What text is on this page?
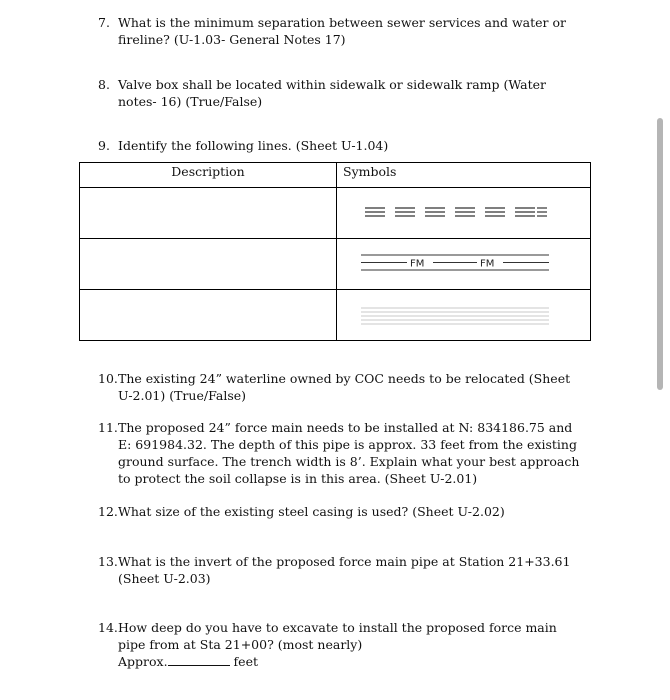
7. What is the minimum separation between sewer services and water or fireline? (U-1.03- General Notes 17)
8. Valve box shall be located within sidewalk or sidewalk ramp (Water notes- 16) (True/False)
9. Identify the following lines. (Sheet U-1.04)
Description	Symbols

FM FM

10. The existing 24” waterline owned by COC needs to be relocated (Sheet U-2.01) (True/False)
11. The proposed 24” force main needs to be installed at N: 834186.75 and E: 691984.32. The depth of this pipe is approx. 33 feet from the existing ground surface. The trench width is 8’. Explain what your best approach to protect the soil collapse is in this area. (Sheet U-2.01)
12. What size of the existing steel casing is used? (Sheet U-2.02)
13. What is the invert of the proposed force main pipe at Station 21+33.61 (Sheet U-2.03)
14. How deep do you have to excavate to install the proposed force main pipe from at Sta 21+00? (most nearly)
Approx.	feet
